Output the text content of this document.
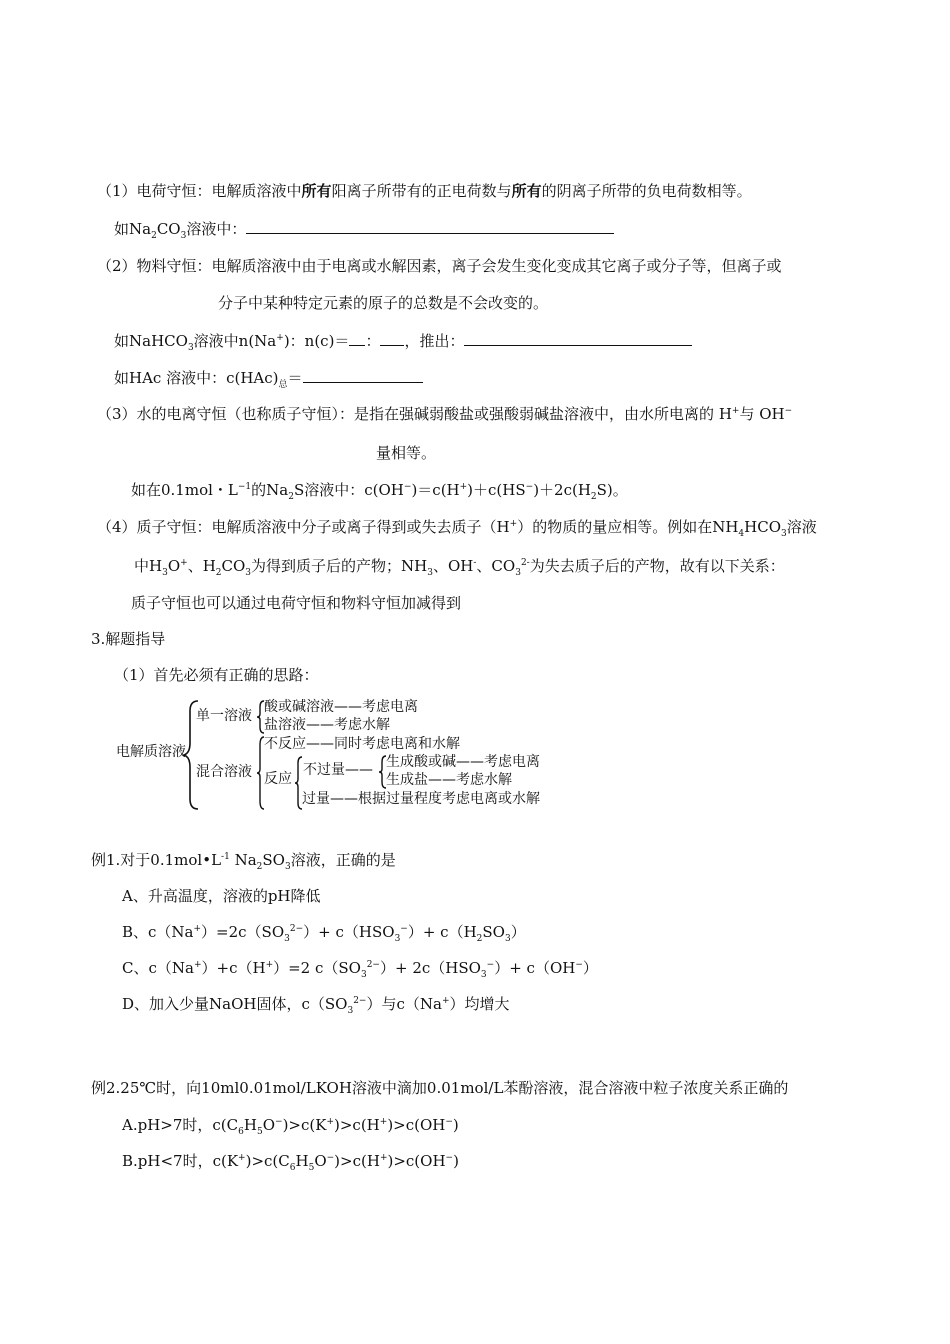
（1）电荷守恒：电解质溶液中所有阳离子所带有的正电荷数与所有的阴离子所带的负电荷数相等。
如$Na_2CO_3$溶液中：
（2）物料守恒：电解质溶液中由于电离或水解因素，离子会发生变化变成其它离子或分子等，但离子或
分子中某种特定元素的原子的总数是不会改变的。
如NaHCO$_3$溶液中n(Na+)：n(c)＝ ： ，推出：
如HAc 溶液中：$c(HAc)_总=$
（3）水的电离守恒（也称质子守恒）：是指在强碱弱酸盐或强酸弱碱盐溶液中，由水所电离的 H+与 OH−
量相等。
如在0.1mol・$L^{-1}$的$Na_2S$溶液中：$c(OH^-)=c(H^+)+c(HS^-)+2c(H_2S)$。
（4）质子守恒：电解质溶液中分子或离子得到或失去质子（H+）的物质的量应相等。例如在$NH_4HCO_3$溶液
中$H_3O^+$、$H_2CO_3$为得到质子后的产物；$NH_3$、OH-、$CO_3^{2-}$为失去质子后的产物，故有以下关系：
质子守恒也可以通过电荷守恒和物料守恒加减得到
3.解题指导
（1）首先必须有正确的思路：
电解质溶液
单一溶液
酸或碱溶液——考虑电离
盐溶液——考虑水解
混合溶液
不反应——同时考虑电离和水解
反应
不过量—— 生成酸或碱——考虑电离
生成盐——考虑水解
过量——根据过量程度考虑电离或水解
例1.对于$0.1mol•L^{-1}$ $Na_2SO_3$溶液，正确的是
A、升高温度，溶液的pH降低
B、$c(Na^+)=2c(SO_3^{2-})+ c(HSO_3^-)+ c(H_2SO_3)$
C、c（Na+）+c（H+）=2 $c(SO_3^{2-})+ 2c(HSO_3^-)+ c(OH^-)$
D、加入少量NaOH固体，$c(SO_3^{2-})$与c（Na+）均增大
例2.25℃时，向10ml0.01mol/LKOH溶液中滴加0.01mol/L苯酚溶液，混合溶液中粒子浓度关系正确的
A.pH>7时，$c(C_6H_5O^-)>c(K^+)>c(H^+)>c(OH^-)$
B.pH<7时，$c(K^+)>c(C_6H_5O^-)>c(H^+)>c(OH^-)$
